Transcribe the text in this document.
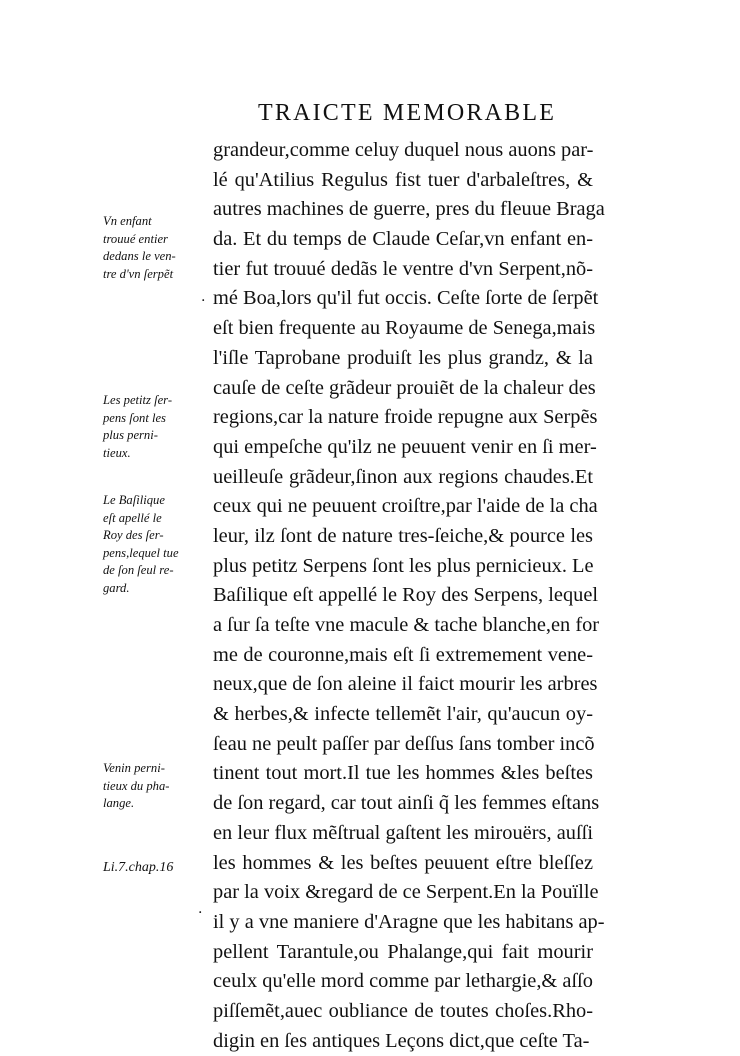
TRAICTE MEMORABLE
grandeur,comme celuy duquel nous auons par-
lé qu'Atilius Regulus fist tuer d'arbaleſtres, &
autres machines de guerre, pres du fleuue Braga
da. Et du temps de Claude Ceſar,vn enfant en-
tier fut trouué dedãs le ventre d'vn Serpent,nõ-
mé Boa,lors qu'il fut occis. Ceſte ſorte de ſerpẽt
eſt bien frequente au Royaume de Senega,mais
l'iſle Taprobane produiſt les plus grandz, & la
cauſe de ceſte grãdeur prouiẽt de la chaleur des
regions,car la nature froide repugne aux Serpẽs
qui empeſche qu'ilz ne peuuent venir en ſi mer-
ueilleuſe grãdeur,ſinon aux regions chaudes.Et
ceux qui ne peuuent croiſtre,par l'aide de la cha
leur, ilz ſont de nature tres-ſeiche,& pource les
plus petitz Serpens ſont les plus pernicieux. Le
Baſilique eſt appellé le Roy des Serpens, lequel
a ſur ſa teſte vne macule & tache blanche,en for
me de couronne,mais eſt ſi extremement vene-
neux,que de ſon aleine il faict mourir les arbres
& herbes,& infecte tellemẽt l'air, qu'aucun oy-
ſeau ne peult paſſer par deſſus ſans tomber incõ
tinent tout mort.Il tue les hommes &les beſtes
de ſon regard, car tout ainſi q̃ les femmes eſtans
en leur flux mẽſtrual gaſtent les mirouërs, auſſi
les hommes & les beſtes peuuent eſtre bleſſez
par la voix &regard de ce Serpent.En la Pouïlle
il y a vne maniere d'Aragne que les habitans ap-
pellent Tarantule,ou Phalange,qui fait mourir
ceulx qu'elle mord comme par lethargie,& aſſo
piſſemẽt,auec oubliance de toutes choſes.Rho-
digin en ſes antiques Leçons dict,que ceſte Ta-
Vn enfant
trouué entier
dedans le ven-
tre d'vn ſerpẽt
Les petitz ſer-
pens ſont les
plus perni-
tieux.
Le Baſilique
eſt apellé le
Roy des ſer-
pens,lequel tue
de ſon ſeul re-
gard.
Venin perni-
tieux du pha-
lange.
Li.7.chap.16
.
.
